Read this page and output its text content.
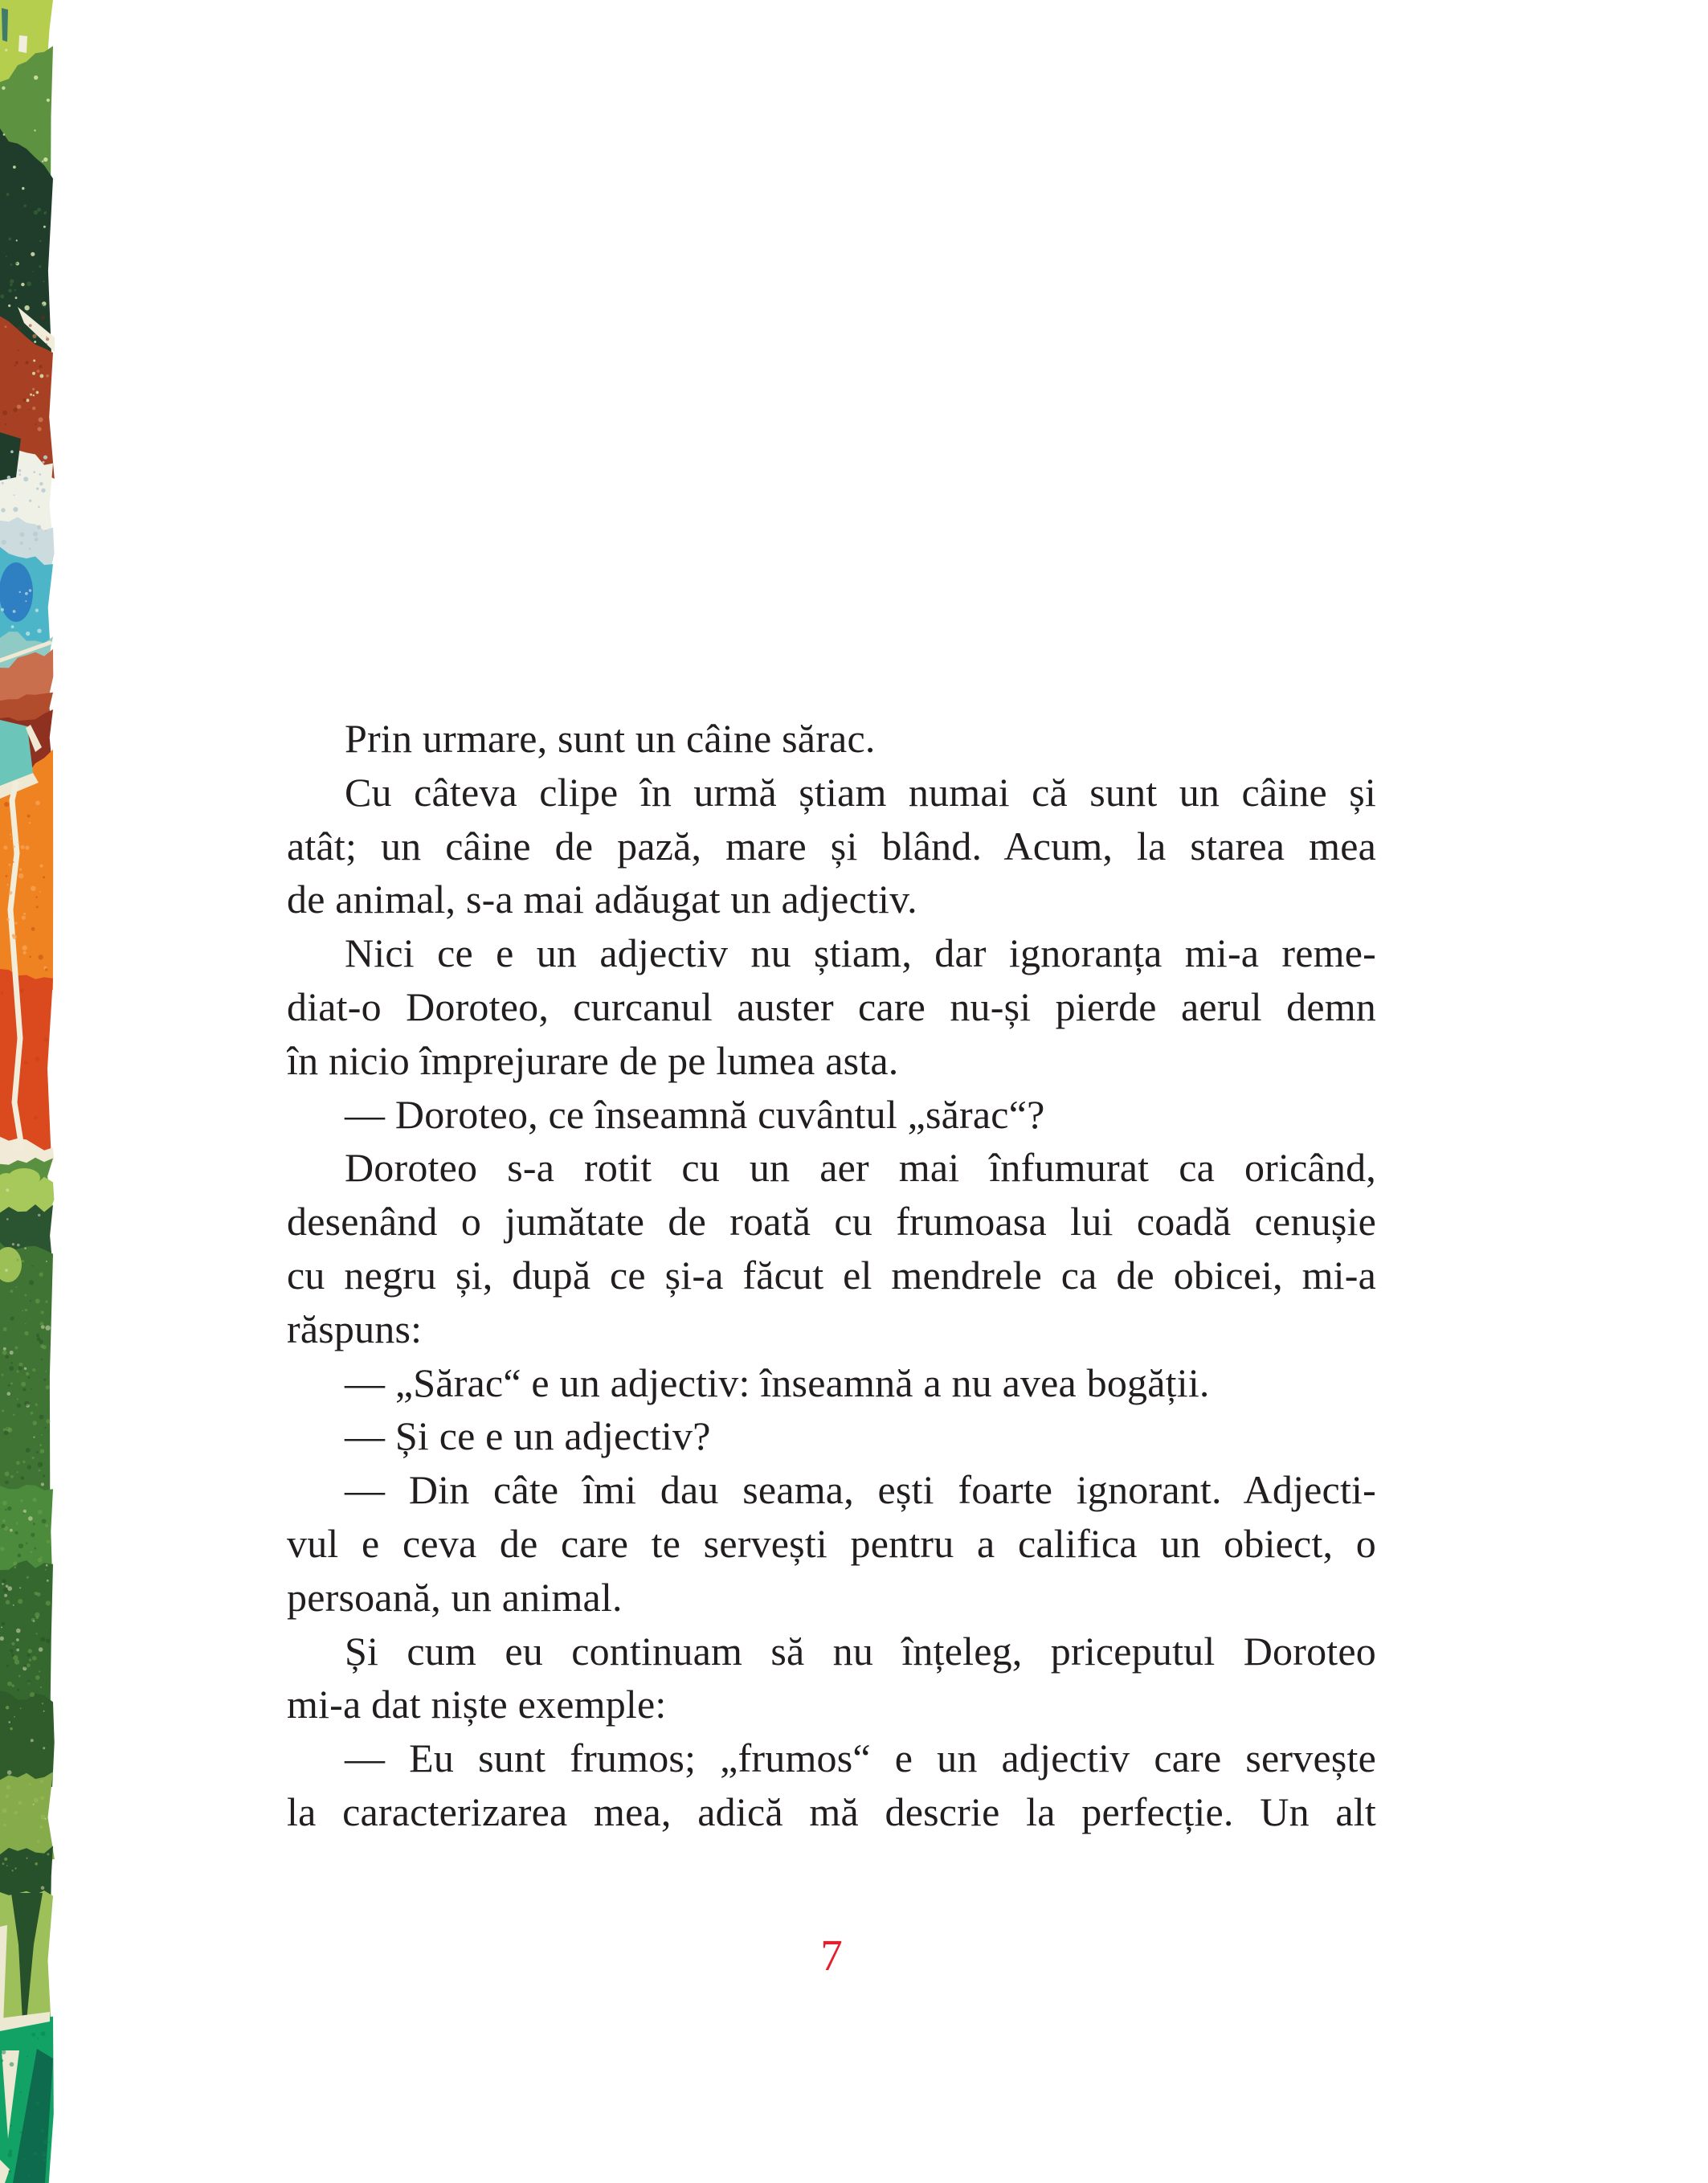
Prin urmare, sunt un câine sărac.
Cu câteva clipe în urmă știam numai că sunt un câine și
atât; un câine de pază, mare și blând. Acum, la starea mea
de animal, s-a mai adăugat un adjectiv.
Nici ce e un adjectiv nu știam, dar ignoranța mi-a reme-
diat-o Doroteo, curcanul auster care nu-și pierde aerul demn
în nicio împrejurare de pe lumea asta.
— Doroteo, ce înseamnă cuvântul „sărac“?
Doroteo s-a rotit cu un aer mai înfumurat ca oricând,
desenând o jumătate de roată cu frumoasa lui coadă cenușie
cu negru și, după ce și-a făcut el mendrele ca de obicei, mi-a
răspuns:
— „Sărac“ e un adjectiv: înseamnă a nu avea bogății.
— Și ce e un adjectiv?
— Din câte îmi dau seama, ești foarte ignorant. Adjecti-
vul e ceva de care te servești pentru a califica un obiect, o
persoană, un animal.
Și cum eu continuam să nu înțeleg, priceputul Doroteo
mi-a dat niște exemple:
— Eu sunt frumos; „frumos“ e un adjectiv care servește
la caracterizarea mea, adică mă descrie la perfecție. Un alt
7
